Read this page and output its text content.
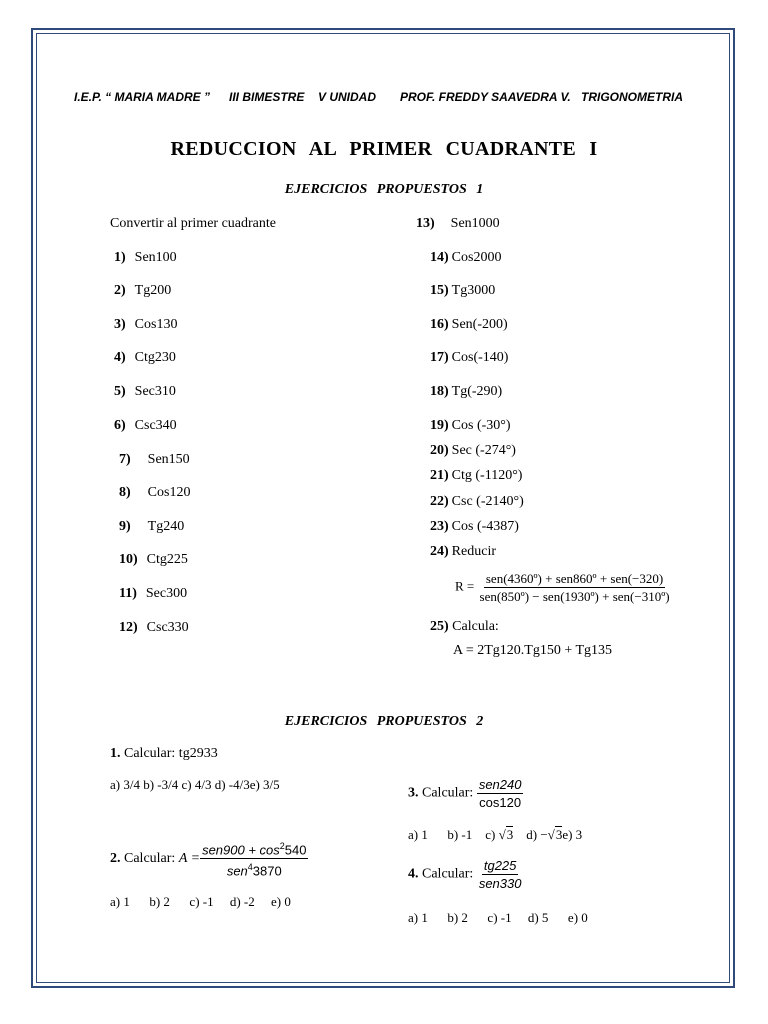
I.E.P. “ MARIA MADRE ” III BIMESTRE V UNIDAD PROF. FREDDY SAAVEDRA V. TRIGONOMETRIA
REDUCCION AL PRIMER CUADRANTE I
EJERCICIOS PROPUESTOS 1
Convertir al primer cuadrante
1) Sen100
2) Tg200
3) Cos130
4) Ctg230
5) Sec310
6) Csc340
7) Sen150
8) Cos120
9) Tg240
10) Ctg225
11) Sec300
12) Csc330
13) Sen1000
14) Cos2000
15) Tg3000
16) Sen(-200)
17) Cos(-140)
18) Tg(-290)
19) Cos (-30°)
20) Sec (-274°)
21) Ctg (-1120°)
22) Csc (-2140°)
23) Cos (-4387)
24) Reducir
$R = \frac{\text{sen(4360º) + sen860º + sen(−320)}}{\text{sen(850º) − sen(1930º) + sen(−310º)}}$
25) Calcula:
A = 2Tg120.Tg150 + Tg135
EJERCICIOS PROPUESTOS 2
1. Calcular: tg2933
a) 3/4 b) -3/4 c) 4/3 d) -4/3e) 3/5
2. Calcular: $A = \frac{sen900 + \cos^2540}{sen^43870}$
a) 1      b) 2      c) -1     d) -2     e) 0
3. Calcular: $\frac{\text{sen240}}{\cos 120}$
a) 1      b) -1    c) √3    d) −√3e) 3
4. Calcular: $\frac{tg225}{\text{sen330}}$
a) 1      b) 2      c) -1     d) 5      e) 0
